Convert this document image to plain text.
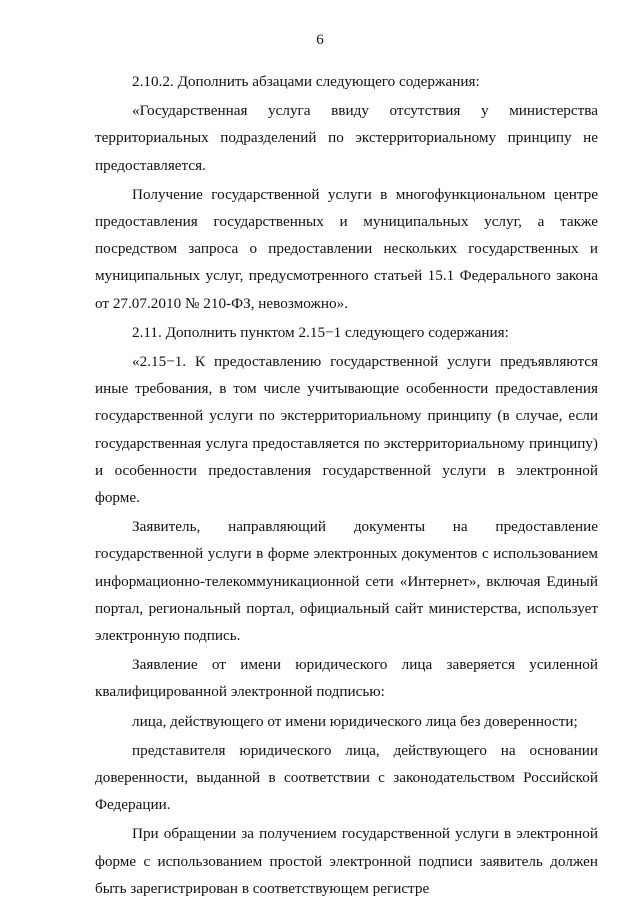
6

2.10.2. Дополнить абзацами следующего содержания:

«Государственная услуга ввиду отсутствия у министерства территориальных подразделений по экстерриториальному принципу не предоставляется.

Получение государственной услуги в многофункциональном центре предоставления государственных и муниципальных услуг, а также посредством запроса о предоставлении нескольких государственных и муниципальных услуг, предусмотренного статьей 15.1 Федерального закона от 27.07.2010 № 210-ФЗ, невозможно».

2.11. Дополнить пунктом 2.15−1 следующего содержания:

«2.15−1. К предоставлению государственной услуги предъявляются иные требования, в том числе учитывающие особенности предоставления государственной услуги по экстерриториальному принципу (в случае, если государственная услуга предоставляется по экстерриториальному принципу) и особенности предоставления государственной услуги в электронной форме.

Заявитель, направляющий документы на предоставление государственной услуги в форме электронных документов с использованием информационно-телекоммуникационной сети «Интернет», включая Единый портал, региональный портал, официальный сайт министерства, использует электронную подпись.

Заявление от имени юридического лица заверяется усиленной квалифицированной электронной подписью:

лица, действующего от имени юридического лица без доверенности;

представителя юридического лица, действующего на основании доверенности, выданной в соответствии с законодательством Российской Федерации.

При обращении за получением государственной услуги в электронной форме с использованием простой электронной подписи заявитель должен быть зарегистрирован в соответствующем регистре
